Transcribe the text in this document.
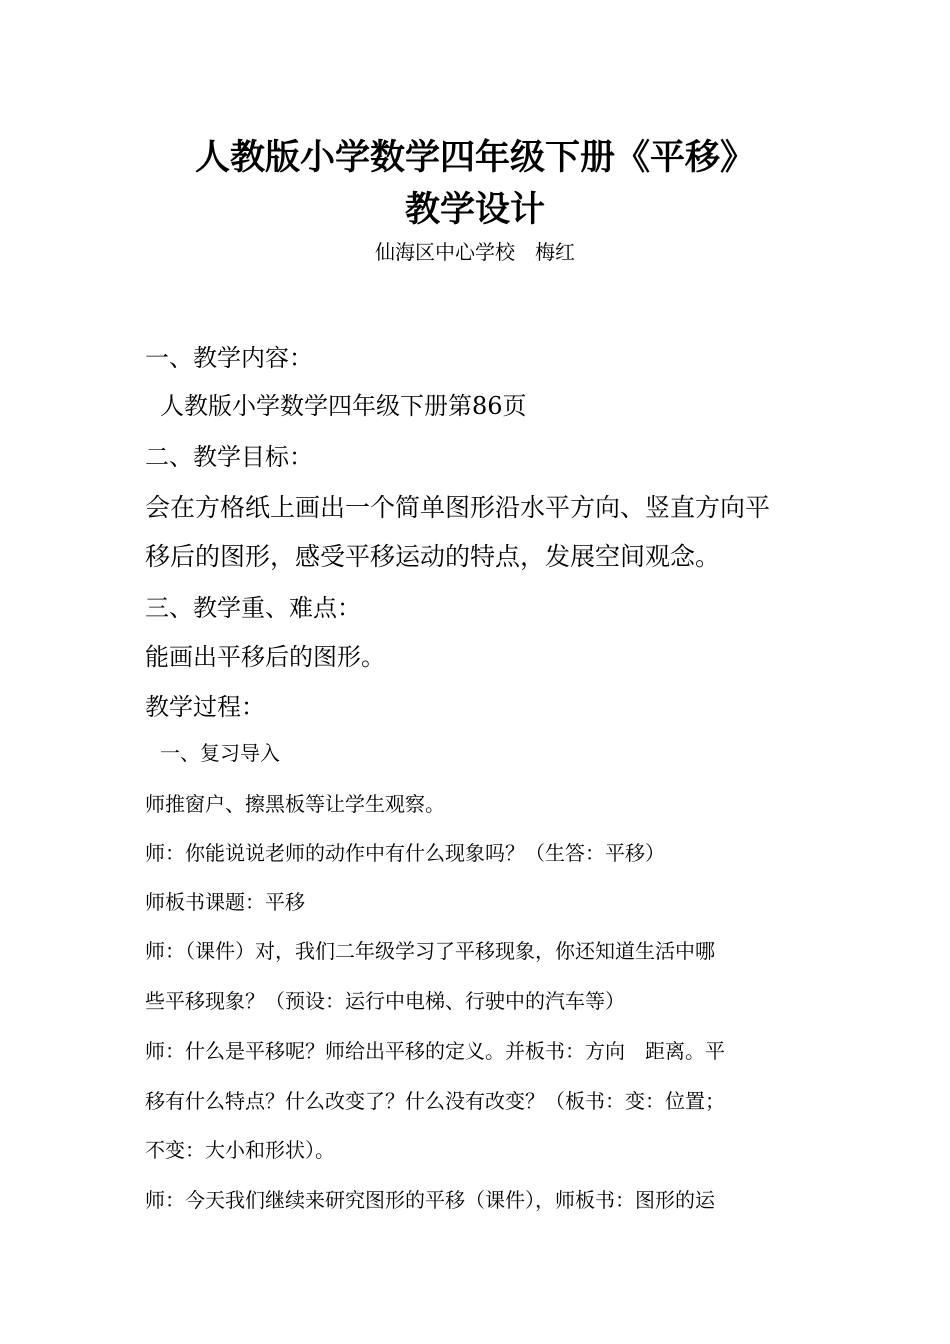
人教版小学数学四年级下册《平移》
教学设计
仙海区中心学校　梅红
一、教学内容：
人教版小学数学四年级下册第86页
二、教学目标：
会在方格纸上画出一个简单图形沿水平方向、竖直方向平
移后的图形，感受平移运动的特点，发展空间观念。
三、教学重、难点：
能画出平移后的图形。
教学过程：
一、复习导入
师推窗户、擦黑板等让学生观察。
师：你能说说老师的动作中有什么现象吗？（生答：平移）
师板书课题：平移
师：（课件）对，我们二年级学习了平移现象，你还知道生活中哪
些平移现象？（预设：运行中电梯、行驶中的汽车等）
师：什么是平移呢？师给出平移的定义。并板书：方向　距离。平
移有什么特点？什么改变了？什么没有改变？（板书：变：位置；
不变：大小和形状）。
师：今天我们继续来研究图形的平移（课件），师板书：图形的运
